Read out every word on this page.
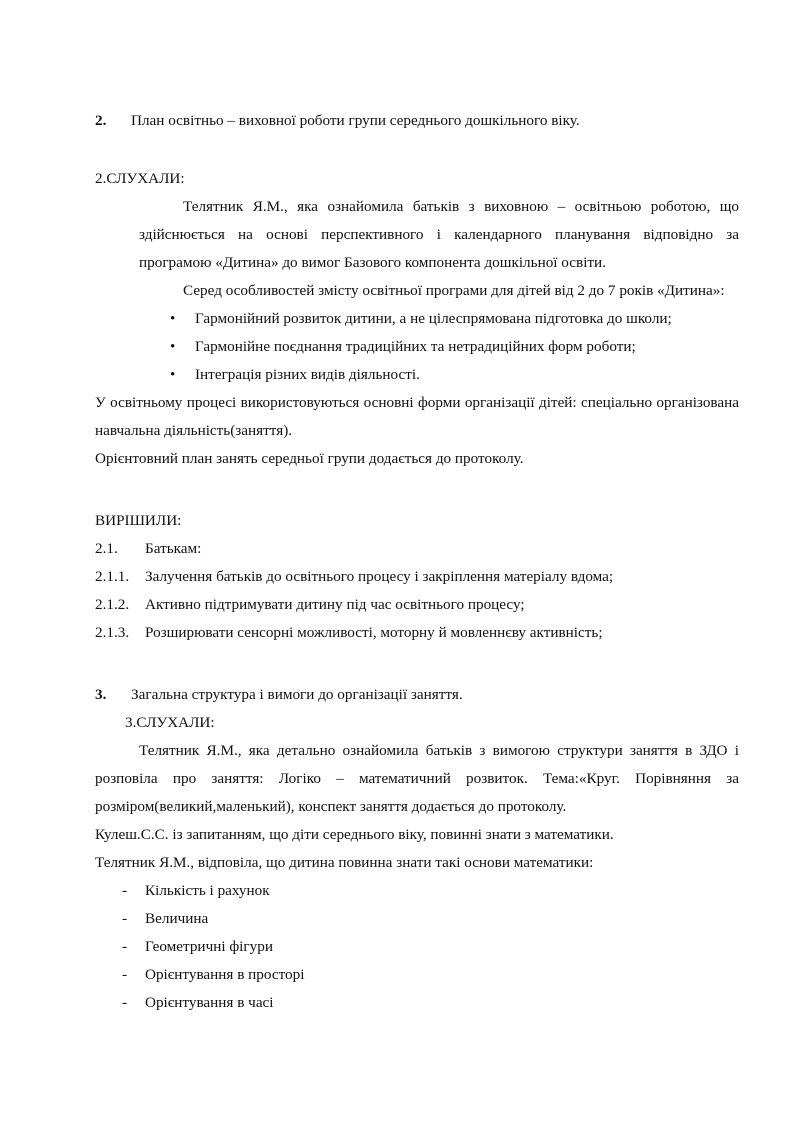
2.	План освітньо – виховної роботи групи середнього дошкільного віку.
2.СЛУХАЛИ:

Телятник Я.М., яка ознайомила батьків з виховною – освітньою роботою, що здійснюється на основі перспективного і календарного планування відповідно за програмою «Дитина» до вимог Базового компонента дошкільної освіти.

Серед особливостей змісту освітньої програми для дітей від 2 до 7 років «Дитина»:

• Гармонійний розвиток дитини, а не цілеспрямована підготовка до школи;
• Гармонійне поєднання традиційних та нетрадиційних форм роботи;
• Інтеграція різних видів діяльності.

У освітньому процесі використовуються основні форми організації дітей: спеціально організована навчальна діяльність(заняття).

Орієнтовний план занять середньої групи додається до протоколу.

ВИРІШИЛИ:
2.1.	Батькам:
2.1.1.	Залучення батьків до освітнього процесу і закріплення матеріалу вдома;
2.1.2.	Активно підтримувати дитину під час освітнього процесу;
2.1.3.	Розширювати сенсорні можливості, моторну й мовленнєву активність;
3.	Загальна структура і вимоги до організації заняття.
3.СЛУХАЛИ:

Телятник Я.М., яка детально ознайомила батьків з вимогою структури заняття в ЗДО і розповіла про заняття: Логіко – математичний розвиток. Тема:«Круг. Порівняння за розміром(великий,маленький), конспект заняття додається до протоколу.

Кулеш.С.С. із запитанням, що діти середнього віку, повинні знати з математики.

Телятник Я.М., відповіла, що дитина повинна знати такі основи математики:

- Кількість і рахунок
- Величина
- Геометричні фігури
- Орієнтування в просторі
- Орієнтування в часі
